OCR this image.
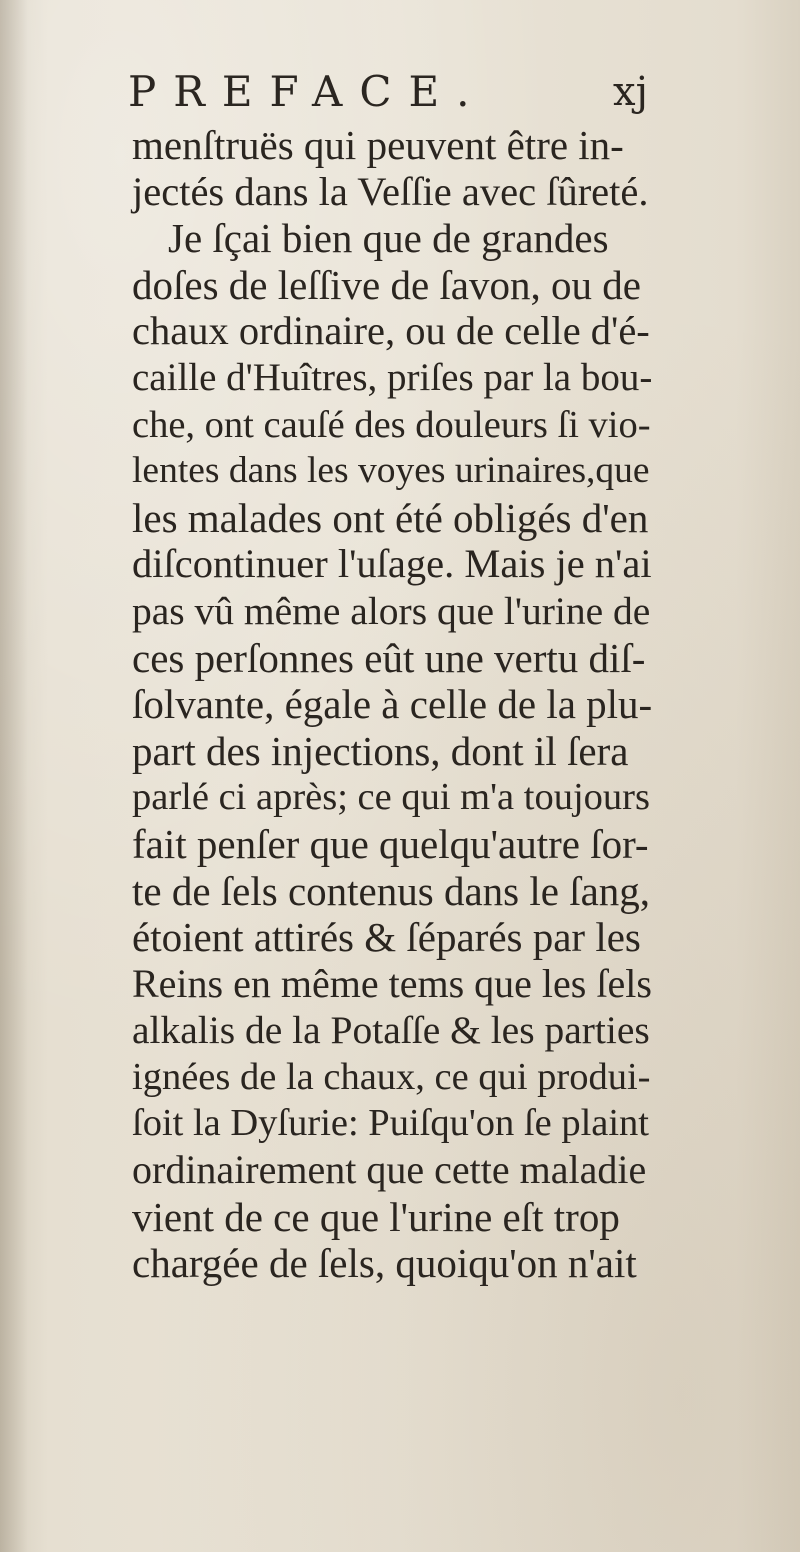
PREFACE.	xj
menſtruës qui peuvent être in-
jectés dans la Veſſie avec ſûreté.
Je ſçai bien que de grandes
doſes de leſſive de ſavon, ou de
chaux ordinaire, ou de celle d'é-
caille d'Huîtres, priſes par la bou-
che, ont cauſé des douleurs ſi vio-
lentes dans les voyes urinaires,que
les malades ont été obligés d'en
diſcontinuer l'uſage. Mais je n'ai
pas vû même alors que l'urine de
ces perſonnes eût une vertu diſ-
ſolvante, égale à celle de la plu-
part des injections, dont il ſera
parlé ci après; ce qui m'a toujours
fait penſer que quelqu'autre ſor-
te de ſels contenus dans le ſang,
étoient attirés & ſéparés par les
Reins en même tems que les ſels
alkalis de la Potaſſe & les parties
ignées de la chaux, ce qui produi-
ſoit la Dyſurie: Puiſqu'on ſe plaint
ordinairement que cette maladie
vient de ce que l'urine eſt trop
chargée de ſels, quoiqu'on n'ait
